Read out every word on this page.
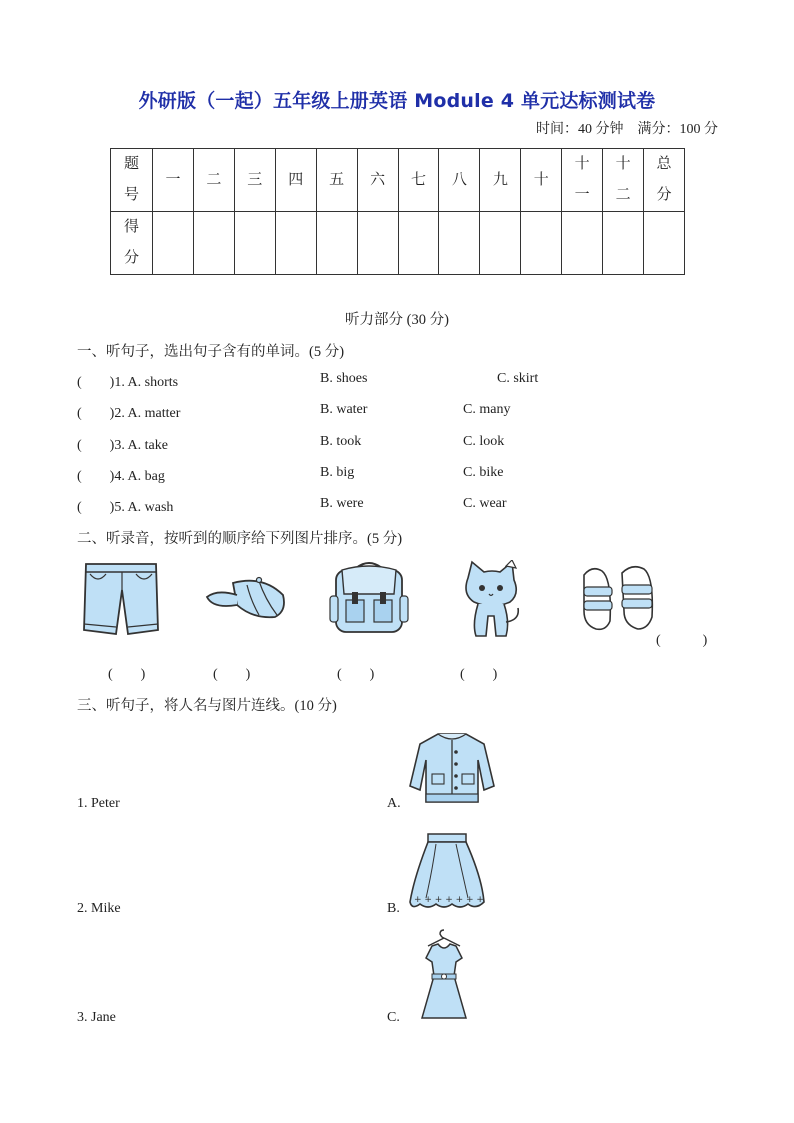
外研版（一起）五年级上册英语 Module 4 单元达标测试卷
时间：40 分钟　满分：100 分
题号	一	二	三	四	五	六	七	八	九	十	十一	十二	总分
得分													
听力部分 (30 分)
一、听句子，选出句子含有的单词。(5 分)
(　　)1. A. shorts	B. shoes	C. skirt
(　　)2. A. matter	B. water	C. many
(　　)3. A. take	B. took	C. look
(　　)4. A. bag	B. big	C. bike
(　　)5. A. wash	B. were	C. wear
二、听录音，按听到的顺序给下列图片排序。(5 分)
(　　　)
(　　)	(　　)	(　　)	(　　)
三、听句子，将人名与图片连线。(10 分)
1. Peter
2. Mike
3. Jane
A.
B.
C.
+ + + + + + +
